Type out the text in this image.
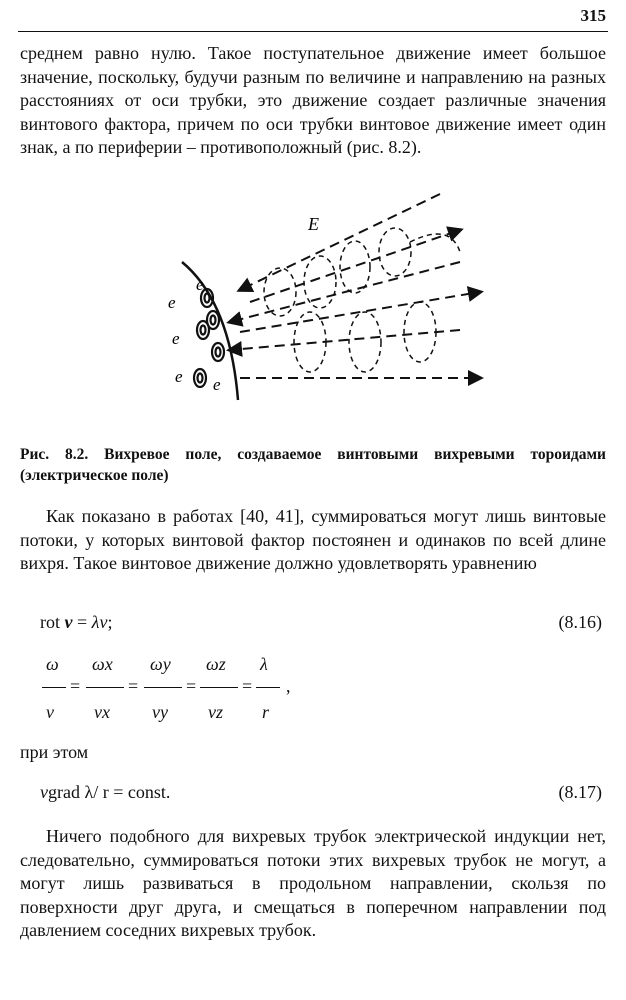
315

среднем равно нулю. Такое поступательное движение имеет большое значение, поскольку, будучи разным по величине и направлению на разных расстояниях от оси трубки, это движение создает различные значения винтового фактора, причем по оси трубки винтовое движение имеет один знак, а по периферии – противоположный (рис. 8.2).

E
e
e
e
e e

Рис. 8.2. Вихревое поле, создаваемое винтовыми вихревыми тороидами (электрическое поле)

Как показано в работах [40, 41], суммироваться могут лишь винтовые потоки, у которых винтовой фактор постоянен и одинаков по всей длине вихря. Такое винтовое движение должно удовлетворять уравнению

rot v = λv;	(8.16)
ω ωx ωy ωz λ
=	=	=	= ,
v vx vy vz r
при этом
vgrad λ/ r = const.	(8.17)

Ничего подобного для вихревых трубок электрической индукции нет, следовательно, суммироваться потоки этих вихревых трубок не могут, а могут лишь развиваться в продольном направлении, скользя по поверхности друг друга, и смещаться в поперечном направлении под давлением соседних вихревых трубок.
